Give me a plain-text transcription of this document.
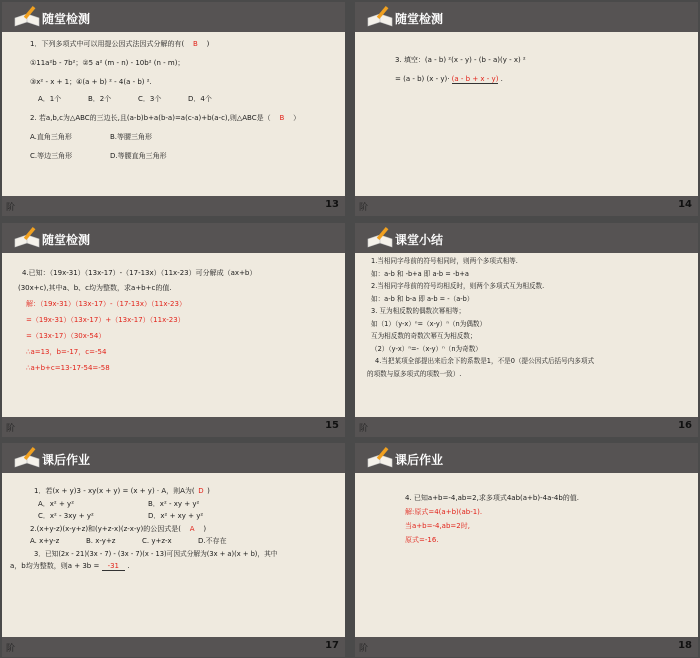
随堂检测
1．下列多项式中可以用提公因式法因式分解的有( B )
①11a²b - 7b²；②5 a² (m - n) - 10b² (n - m)；
③x² - x + 1；④(a + b) ² - 4(a - b) ².
A．1个	B．2个	C．3个	D．4个
2. 若a,b,c为△ABC的三边长,且(a-b)b+a(b-a)=a(c-a)+b(a-c),则△ABC是（ B ）
A.直角三角形	B.等腰三角形
C.等边三角形	D.等腰直角三角形
阶	13
随堂检测
3. 填空：(a - b) ²(x - y) - (b - a)(y - x) ²
= (a - b) (x - y)· (a - b + x - y) .
阶	14
随堂检测
4.已知：（19x-31）（13x-17）-（17-13x）（11x-23）可分解成（ax+b）
(30x+c),其中a、b、c均为整数，求a+b+c的值.
解：（19x-31）（13x-17）-（17-13x）（11x-23）
=（19x-31）（13x-17）+（13x-17）（11x-23）
=（13x-17）（30x-54）
∴a=13，b=-17，c=-54
∴a+b+c=13-17-54=-58
阶	15
课堂小结
1.当相同字母前的符号相同时，则两个多项式相等.
如：a-b 和 -b+a 即 a-b = -b+a
2.当相同字母前的符号均相反时，则两个多项式互为相反数.
如：a-b 和 b-a 即 a-b = -（a-b）
3. 互为相反数的偶数次幂相等；
如（1）（y-x）ⁿ=（x-y）ⁿ（n为偶数）
互为相反数的奇数次幂互为相反数；
（2）（y-x）ⁿ=-（x-y）ⁿ（n为奇数）
4.当把某项全部提出来后余下的系数是1，不是0（提公因式后括号内多项式
的项数与原多项式的项数一致）.
阶	16
课后作业
1．若(x + y)3 - xy(x + y) = (x + y) · A，则A为( D )
A．x² + y²	B．x² - xy + y²
C．x² - 3xy + y²	D．x² + xy + y²
2.(x+y-z)(x-y+z)和(y+z-x)(z-x-y)的公因式是( A )
A. x+y-z	B. x-y+z	C. y+z-x	D.不存在
3．已知(2x - 21)(3x - 7) - (3x - 7)(x - 13)可因式分解为(3x + a)(x + b)，其中
a，b均为整数，则a + 3b = -31 .
阶	17
课后作业
4. 已知a+b=-4,ab=2,求多项式4ab(a+b)-4a-4b的值.
解:原式=4(a+b)(ab-1).
当a+b=-4,ab=2时,
原式=-16.
阶	18
